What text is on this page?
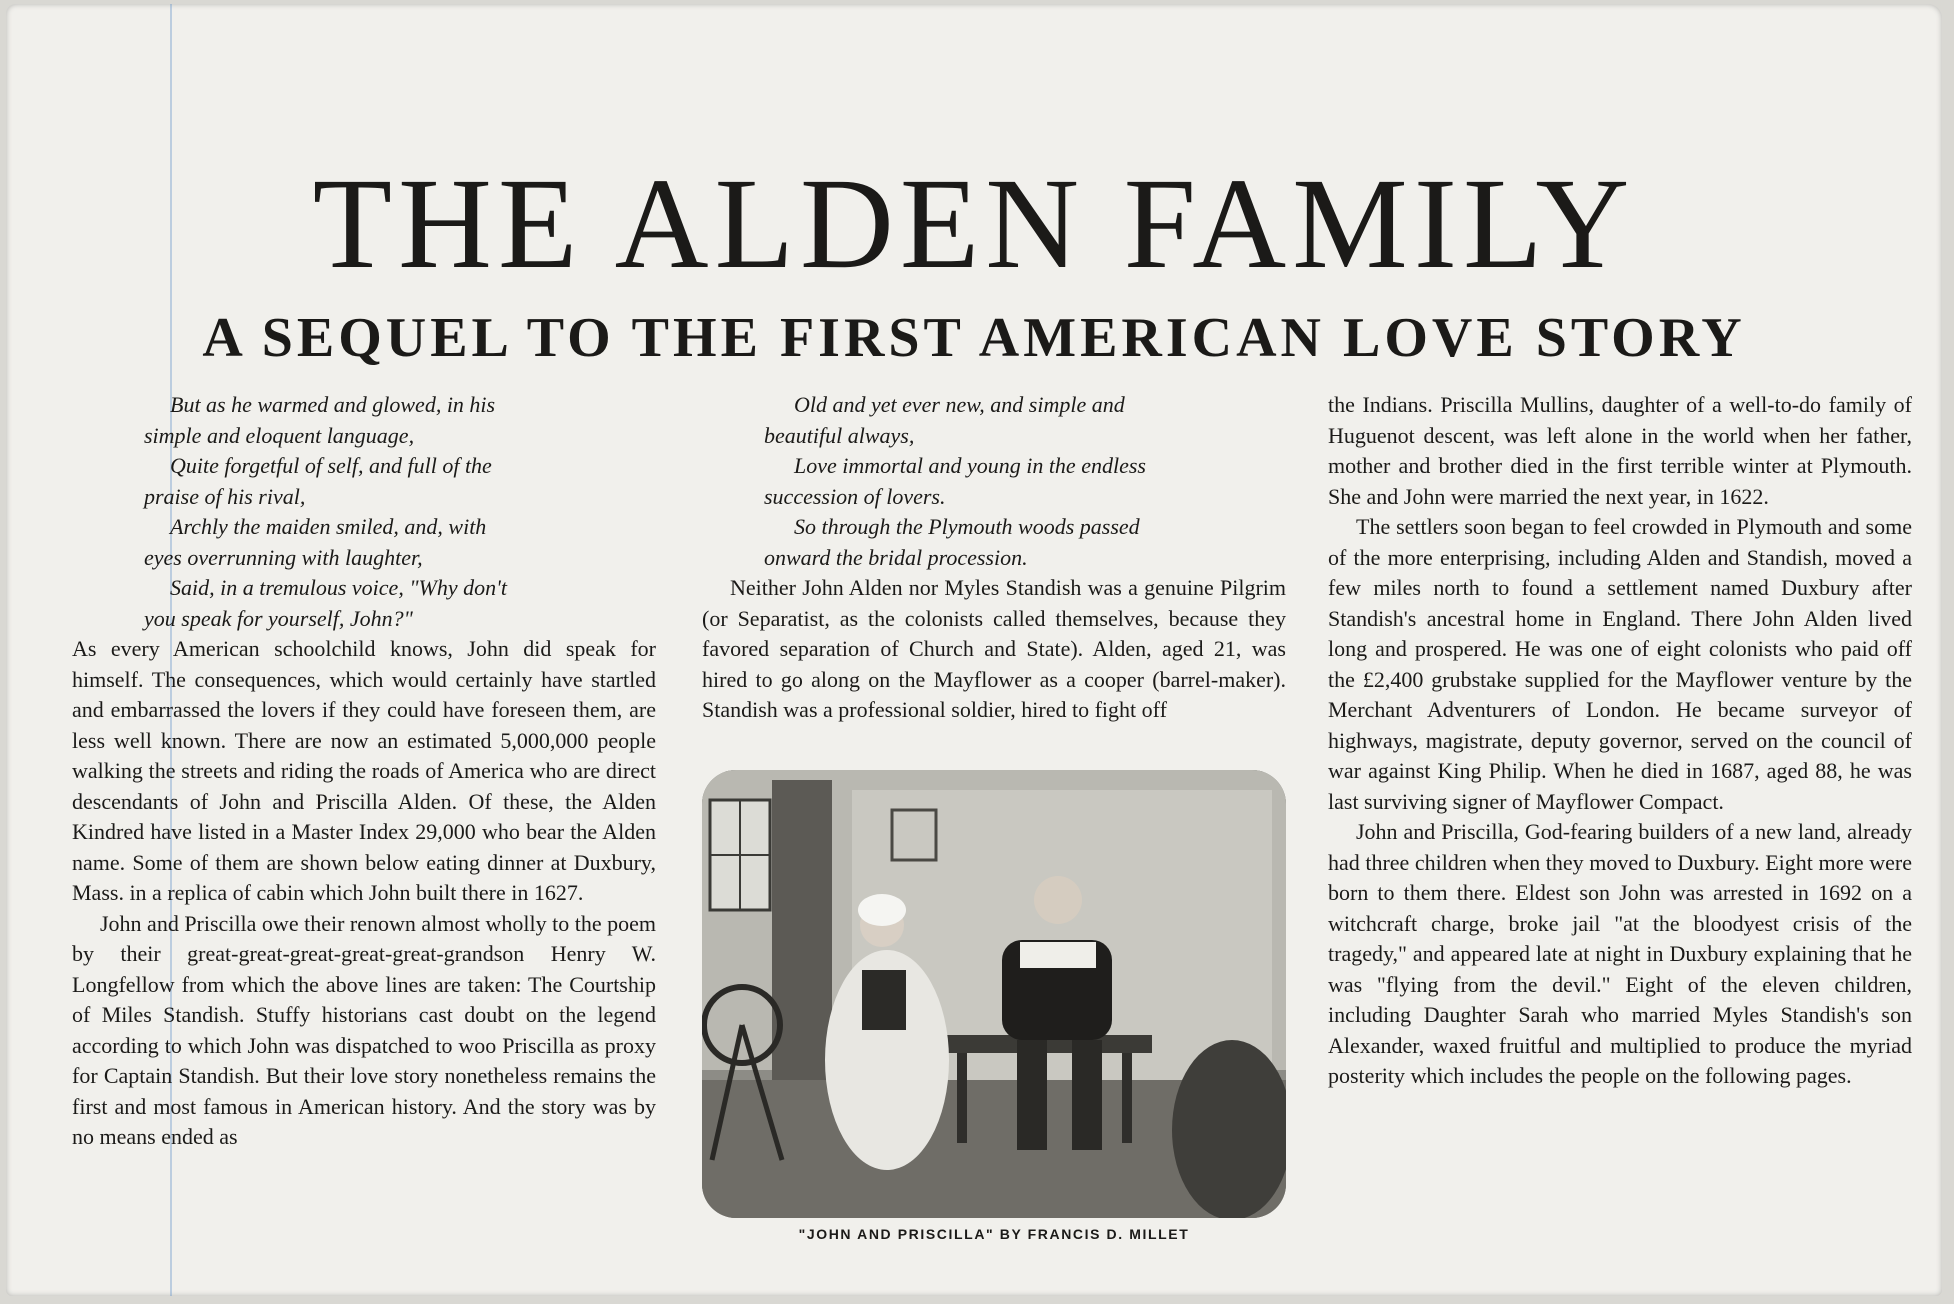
THE ALDEN FAMILY
A SEQUEL TO THE FIRST AMERICAN LOVE STORY

But as he warmed and glowed, in his

simple and eloquent language,

Quite forgetful of self, and full of the

praise of his rival,

Archly the maiden smiled, and, with

eyes overrunning with laughter,

Said, in a tremulous voice, "Why don't

you speak for yourself, John?"

As every American schoolchild knows, John did speak for himself. The consequences, which would certainly have startled and embarrassed the lovers if they could have foreseen them, are less well known. There are now an estimated 5,000,000 people walking the streets and riding the roads of America who are direct descendants of John and Priscilla Alden. Of these, the Alden Kindred have listed in a Master Index 29,000 who bear the Alden name. Some of them are shown below eating dinner at Duxbury, Mass. in a replica of cabin which John built there in 1627.

John and Priscilla owe their renown almost wholly to the poem by their great-great-great-great-great-grandson Henry W. Longfellow from which the above lines are taken: The Courtship of Miles Standish. Stuffy historians cast doubt on the legend according to which John was dispatched to woo Priscilla as proxy for Captain Standish. But their love story nonetheless remains the first and most famous in American history. And the story was by no means ended as

Old and yet ever new, and simple and

beautiful always,

Love immortal and young in the endless

succession of lovers.

So through the Plymouth woods passed

onward the bridal procession.

Neither John Alden nor Myles Standish was a genuine Pilgrim (or Separatist, as the colonists called themselves, because they favored separation of Church and State). Alden, aged 21, was hired to go along on the Mayflower as a cooper (barrel-maker). Standish was a professional soldier, hired to fight off

"JOHN AND PRISCILLA" BY FRANCIS D. MILLET

the Indians. Priscilla Mullins, daughter of a well-to-do family of Huguenot descent, was left alone in the world when her father, mother and brother died in the first terrible winter at Plymouth. She and John were married the next year, in 1622.

The settlers soon began to feel crowded in Plymouth and some of the more enterprising, including Alden and Standish, moved a few miles north to found a settlement named Duxbury after Standish's ancestral home in England. There John Alden lived long and prospered. He was one of eight colonists who paid off the £2,400 grubstake supplied for the Mayflower venture by the Merchant Adventurers of London. He became surveyor of highways, magistrate, deputy governor, served on the council of war against King Philip. When he died in 1687, aged 88, he was last surviving signer of Mayflower Compact.

John and Priscilla, God-fearing builders of a new land, already had three children when they moved to Duxbury. Eight more were born to them there. Eldest son John was arrested in 1692 on a witchcraft charge, broke jail "at the bloodyest crisis of the tragedy," and appeared late at night in Duxbury explaining that he was "flying from the devil." Eight of the eleven children, including Daughter Sarah who married Myles Standish's son Alexander, waxed fruitful and multiplied to produce the myriad posterity which includes the people on the following pages.
